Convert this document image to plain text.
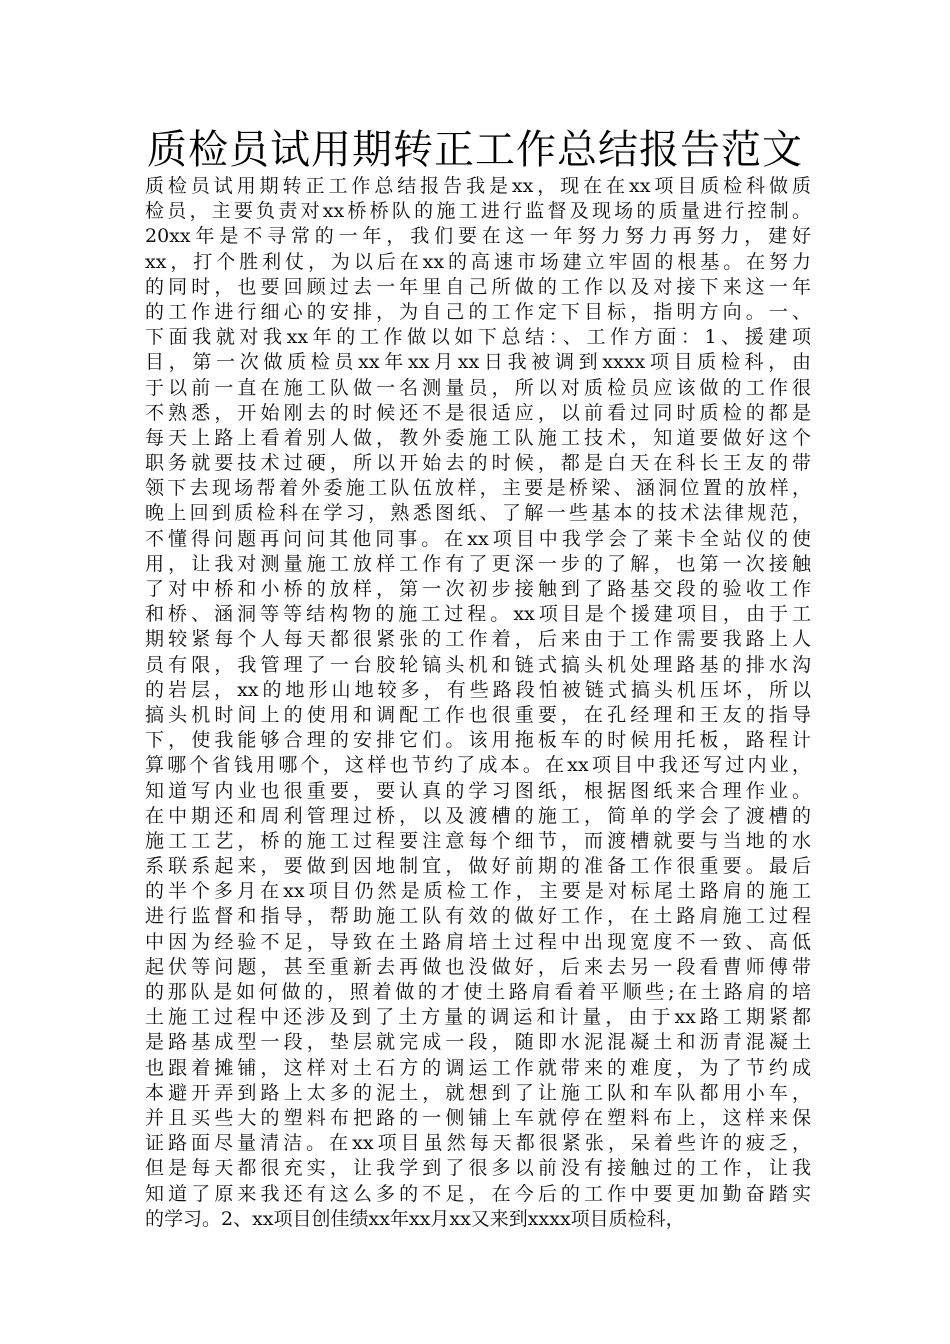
质检员试用期转正工作总结报告范文
质检员试用期转正工作总结报告我是xx，现在在xx项目质检科做质
检员，主要负责对xx桥桥队的施工进行监督及现场的质量进行控制。
20xx年是不寻常的一年，我们要在这一年努力努力再努力，建好
xx，打个胜利仗，为以后在xx的高速市场建立牢固的根基。在努力
的同时，也要回顾过去一年里自己所做的工作以及对接下来这一年
的工作进行细心的安排，为自己的工作定下目标，指明方向。一、
下面我就对我xx年的工作做以如下总结：、工作方面：1、援建项
目，第一次做质检员xx年xx月xx日我被调到xxxx项目质检科，由
于以前一直在施工队做一名测量员，所以对质检员应该做的工作很
不熟悉，开始刚去的时候还不是很适应，以前看过同时质检的都是
每天上路上看着别人做，教外委施工队施工技术，知道要做好这个
职务就要技术过硬，所以开始去的时候，都是白天在科长王友的带
领下去现场帮着外委施工队伍放样，主要是桥梁、涵洞位置的放样，
晚上回到质检科在学习，熟悉图纸、了解一些基本的技术法律规范，
不懂得问题再问问其他同事。在xx项目中我学会了莱卡全站仪的使
用，让我对测量施工放样工作有了更深一步的了解，也第一次接触
了对中桥和小桥的放样，第一次初步接触到了路基交段的验收工作
和桥、涵洞等等结构物的施工过程。xx项目是个援建项目，由于工
期较紧每个人每天都很紧张的工作着，后来由于工作需要我路上人
员有限，我管理了一台胶轮镐头机和链式搞头机处理路基的排水沟
的岩层，xx的地形山地较多，有些路段怕被链式搞头机压坏，所以
搞头机时间上的使用和调配工作也很重要，在孔经理和王友的指导
下，使我能够合理的安排它们。该用拖板车的时候用托板，路程计
算哪个省钱用哪个，这样也节约了成本。在xx项目中我还写过内业，
知道写内业也很重要，要认真的学习图纸，根据图纸来合理作业。
在中期还和周利管理过桥，以及渡槽的施工，简单的学会了渡槽的
施工工艺，桥的施工过程要注意每个细节，而渡槽就要与当地的水
系联系起来，要做到因地制宜，做好前期的准备工作很重要。最后
的半个多月在xx项目仍然是质检工作，主要是对标尾土路肩的施工
进行监督和指导，帮助施工队有效的做好工作，在土路肩施工过程
中因为经验不足，导致在土路肩培土过程中出现宽度不一致、高低
起伏等问题，甚至重新去再做也没做好，后来去另一段看曹师傅带
的那队是如何做的，照着做的才使土路肩看着平顺些;在土路肩的培
土施工过程中还涉及到了土方量的调运和计量，由于xx路工期紧都
是路基成型一段，垫层就完成一段，随即水泥混凝土和沥青混凝土
也跟着摊铺，这样对土石方的调运工作就带来的难度，为了节约成
本避开弄到路上太多的泥土，就想到了让施工队和车队都用小车，
并且买些大的塑料布把路的一侧铺上车就停在塑料布上，这样来保
证路面尽量清洁。在xx项目虽然每天都很紧张，呆着些许的疲乏，
但是每天都很充实，让我学到了很多以前没有接触过的工作，让我
知道了原来我还有这么多的不足，在今后的工作中要更加勤奋踏实
的学习。2、xx项目创佳绩xx年xx月xx又来到xxxx项目质检科，
